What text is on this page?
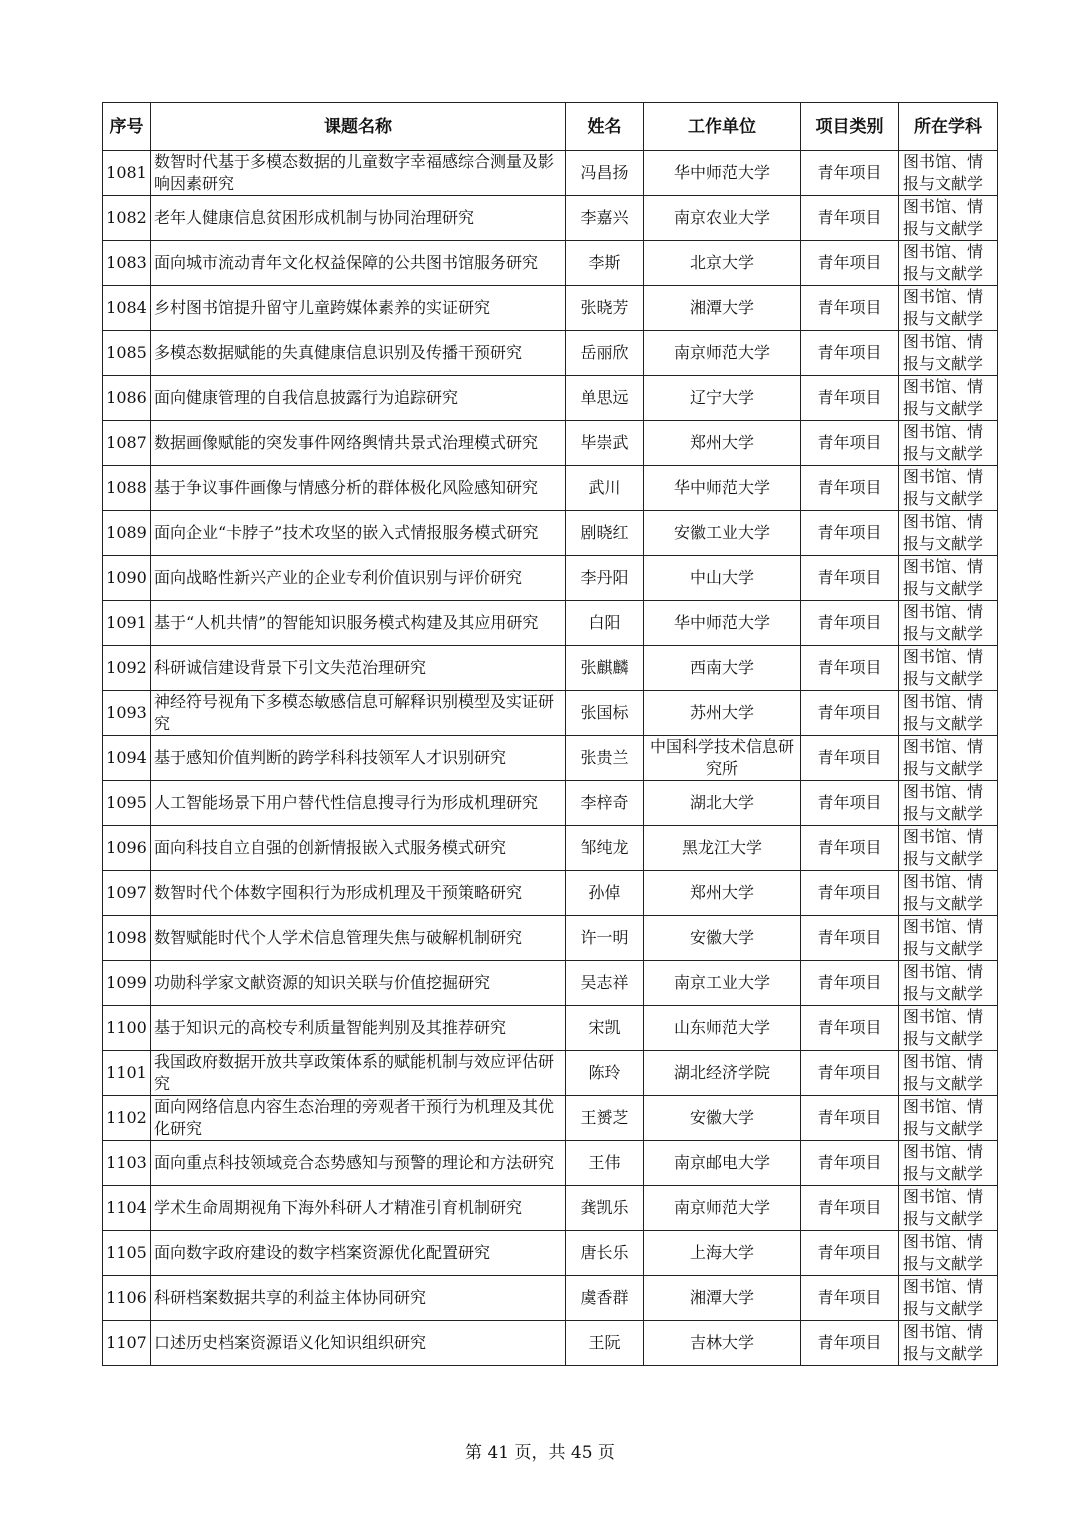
序号	课题名称	姓名	工作单位	项目类别	所在学科
1081	数智时代基于多模态数据的儿童数字幸福感综合测量及影响因素研究	冯昌扬	华中师范大学	青年项目	图书馆、情报与文献学
1082	老年人健康信息贫困形成机制与协同治理研究	李嘉兴	南京农业大学	青年项目	图书馆、情报与文献学
1083	面向城市流动青年文化权益保障的公共图书馆服务研究	李斯	北京大学	青年项目	图书馆、情报与文献学
1084	乡村图书馆提升留守儿童跨媒体素养的实证研究	张晓芳	湘潭大学	青年项目	图书馆、情报与文献学
1085	多模态数据赋能的失真健康信息识别及传播干预研究	岳丽欣	南京师范大学	青年项目	图书馆、情报与文献学
1086	面向健康管理的自我信息披露行为追踪研究	单思远	辽宁大学	青年项目	图书馆、情报与文献学
1087	数据画像赋能的突发事件网络舆情共景式治理模式研究	毕崇武	郑州大学	青年项目	图书馆、情报与文献学
1088	基于争议事件画像与情感分析的群体极化风险感知研究	武川	华中师范大学	青年项目	图书馆、情报与文献学
1089	面向企业“卡脖子”技术攻坚的嵌入式情报服务模式研究	剧晓红	安徽工业大学	青年项目	图书馆、情报与文献学
1090	面向战略性新兴产业的企业专利价值识别与评价研究	李丹阳	中山大学	青年项目	图书馆、情报与文献学
1091	基于“人机共情”的智能知识服务模式构建及其应用研究	白阳	华中师范大学	青年项目	图书馆、情报与文献学
1092	科研诚信建设背景下引文失范治理研究	张麒麟	西南大学	青年项目	图书馆、情报与文献学
1093	神经符号视角下多模态敏感信息可解释识别模型及实证研究	张国标	苏州大学	青年项目	图书馆、情报与文献学
1094	基于感知价值判断的跨学科科技领军人才识别研究	张贵兰	中国科学技术信息研究所	青年项目	图书馆、情报与文献学
1095	人工智能场景下用户替代性信息搜寻行为形成机理研究	李梓奇	湖北大学	青年项目	图书馆、情报与文献学
1096	面向科技自立自强的创新情报嵌入式服务模式研究	邹纯龙	黑龙江大学	青年项目	图书馆、情报与文献学
1097	数智时代个体数字囤积行为形成机理及干预策略研究	孙倬	郑州大学	青年项目	图书馆、情报与文献学
1098	数智赋能时代个人学术信息管理失焦与破解机制研究	许一明	安徽大学	青年项目	图书馆、情报与文献学
1099	功勋科学家文献资源的知识关联与价值挖掘研究	吴志祥	南京工业大学	青年项目	图书馆、情报与文献学
1100	基于知识元的高校专利质量智能判别及其推荐研究	宋凯	山东师范大学	青年项目	图书馆、情报与文献学
1101	我国政府数据开放共享政策体系的赋能机制与效应评估研究	陈玲	湖北经济学院	青年项目	图书馆、情报与文献学
1102	面向网络信息内容生态治理的旁观者干预行为机理及其优化研究	王赟芝	安徽大学	青年项目	图书馆、情报与文献学
1103	面向重点科技领域竞合态势感知与预警的理论和方法研究	王伟	南京邮电大学	青年项目	图书馆、情报与文献学
1104	学术生命周期视角下海外科研人才精准引育机制研究	龚凯乐	南京师范大学	青年项目	图书馆、情报与文献学
1105	面向数字政府建设的数字档案资源优化配置研究	唐长乐	上海大学	青年项目	图书馆、情报与文献学
1106	科研档案数据共享的利益主体协同研究	虞香群	湘潭大学	青年项目	图书馆、情报与文献学
1107	口述历史档案资源语义化知识组织研究	王阮	吉林大学	青年项目	图书馆、情报与文献学
第 41 页，共 45 页
